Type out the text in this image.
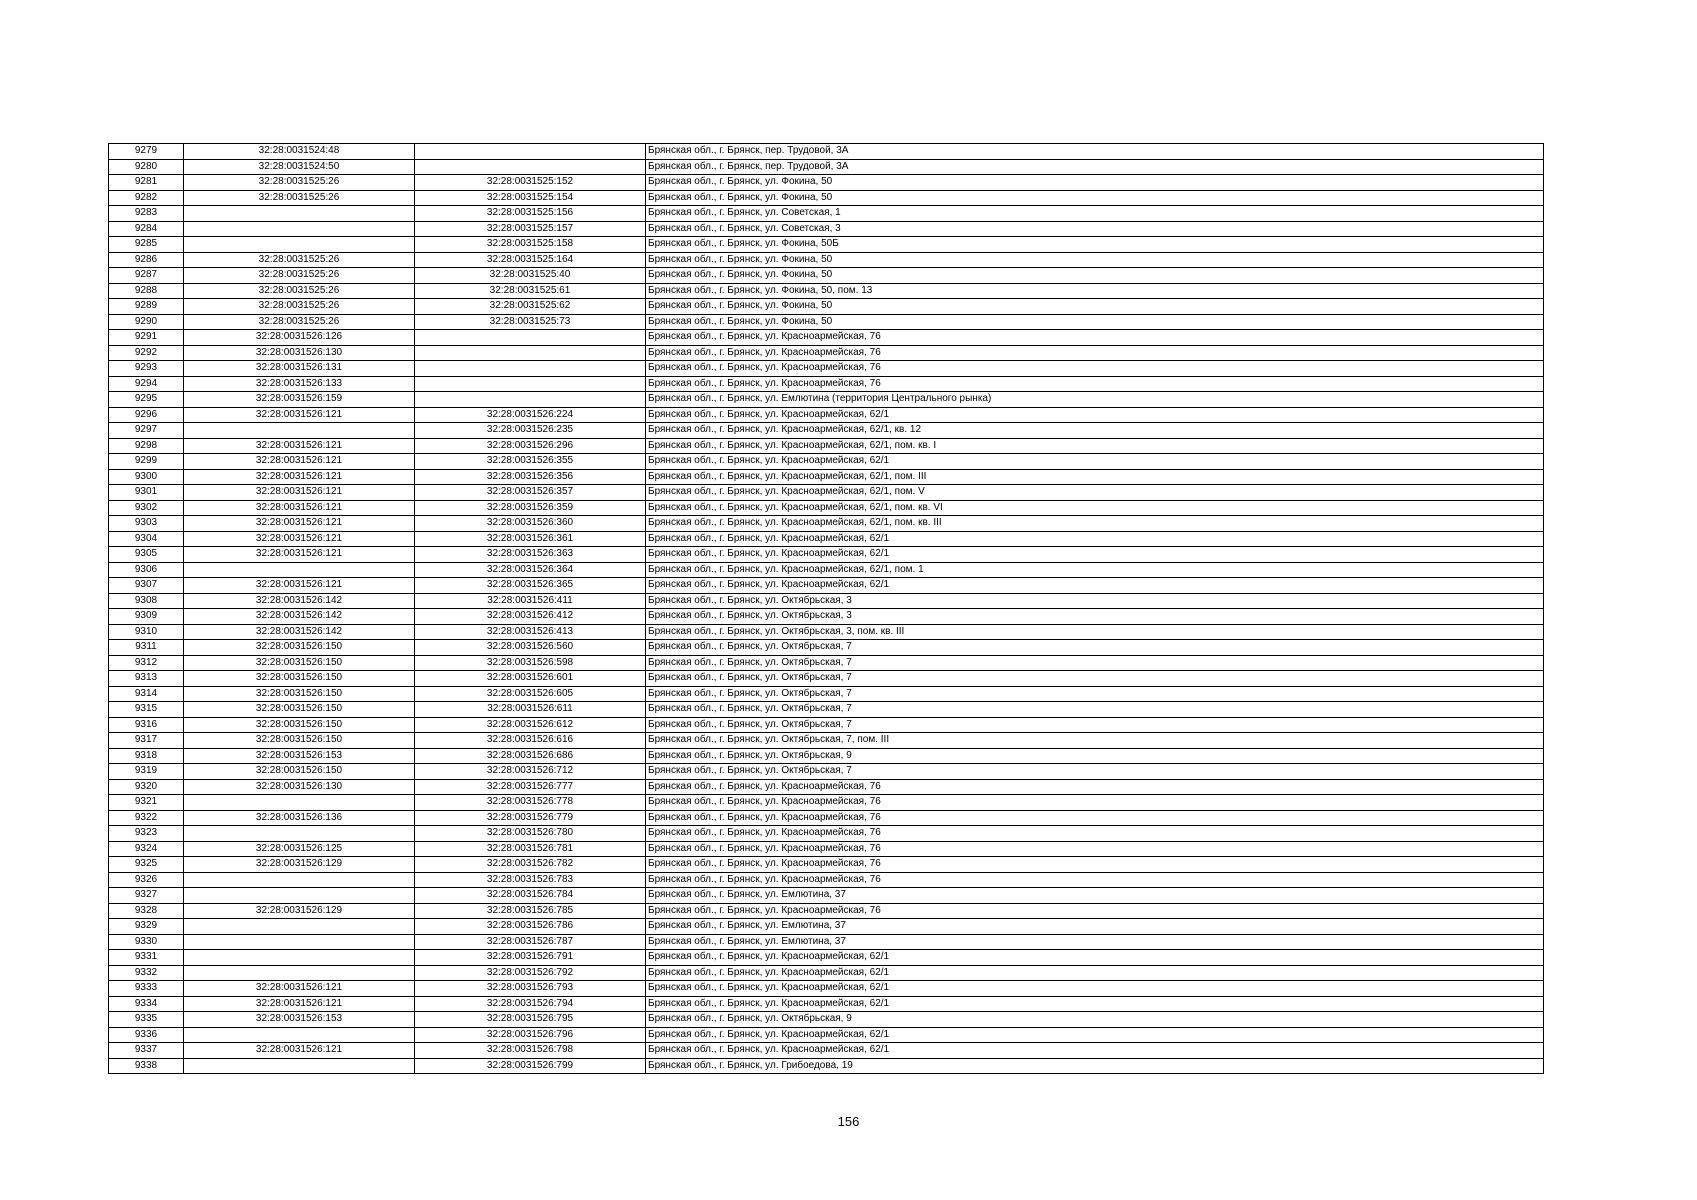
9279	32:28:0031524:48		Брянская обл., г. Брянск, пер. Трудовой, 3А
9280	32:28:0031524:50		Брянская обл., г. Брянск, пер. Трудовой, 3А
9281	32:28:0031525:26	32:28:0031525:152	Брянская обл., г. Брянск, ул. Фокина, 50
9282	32:28:0031525:26	32:28:0031525:154	Брянская обл., г. Брянск, ул. Фокина, 50
9283		32:28:0031525:156	Брянская обл., г. Брянск, ул. Советская, 1
9284		32:28:0031525:157	Брянская обл., г. Брянск, ул. Советская, 3
9285		32:28:0031525:158	Брянская обл., г. Брянск, ул. Фокина, 50Б
9286	32:28:0031525:26	32:28:0031525:164	Брянская обл., г. Брянск, ул. Фокина, 50
9287	32:28:0031525:26	32:28:0031525:40	Брянская обл., г. Брянск, ул. Фокина, 50
9288	32:28:0031525:26	32:28:0031525:61	Брянская обл., г. Брянск, ул. Фокина, 50, пом. 13
9289	32:28:0031525:26	32:28:0031525:62	Брянская обл., г. Брянск, ул. Фокина, 50
9290	32:28:0031525:26	32:28:0031525:73	Брянская обл., г. Брянск, ул. Фокина, 50
9291	32:28:0031526:126		Брянская обл., г. Брянск, ул. Красноармейская, 76
9292	32:28:0031526:130		Брянская обл., г. Брянск, ул. Красноармейская, 76
9293	32:28:0031526:131		Брянская обл., г. Брянск, ул. Красноармейская, 76
9294	32:28:0031526:133		Брянская обл., г. Брянск, ул. Красноармейская, 76
9295	32:28:0031526:159		Брянская обл., г. Брянск, ул. Емлютина (территория Центрального рынка)
9296	32:28:0031526:121	32:28:0031526:224	Брянская обл., г. Брянск, ул. Красноармейская, 62/1
9297		32:28:0031526:235	Брянская обл., г. Брянск, ул. Красноармейская, 62/1, кв. 12
9298	32:28:0031526:121	32:28:0031526:296	Брянская обл., г. Брянск, ул. Красноармейская, 62/1, пом. кв. I
9299	32:28:0031526:121	32:28:0031526:355	Брянская обл., г. Брянск, ул. Красноармейская, 62/1
9300	32:28:0031526:121	32:28:0031526:356	Брянская обл., г. Брянск, ул. Красноармейская, 62/1, пом. III
9301	32:28:0031526:121	32:28:0031526:357	Брянская обл., г. Брянск, ул. Красноармейская, 62/1, пом. V
9302	32:28:0031526:121	32:28:0031526:359	Брянская обл., г. Брянск, ул. Красноармейская, 62/1, пом. кв. VI
9303	32:28:0031526:121	32:28:0031526:360	Брянская обл., г. Брянск, ул. Красноармейская, 62/1, пом. кв. III
9304	32:28:0031526:121	32:28:0031526:361	Брянская обл., г. Брянск, ул. Красноармейская, 62/1
9305	32:28:0031526:121	32:28:0031526:363	Брянская обл., г. Брянск, ул. Красноармейская, 62/1
9306		32:28:0031526:364	Брянская обл., г. Брянск, ул. Красноармейская, 62/1, пом. 1
9307	32:28:0031526:121	32:28:0031526:365	Брянская обл., г. Брянск, ул. Красноармейская, 62/1
9308	32:28:0031526:142	32:28:0031526:411	Брянская обл., г. Брянск, ул. Октябрьская, 3
9309	32:28:0031526:142	32:28:0031526:412	Брянская обл., г. Брянск, ул. Октябрьская, 3
9310	32:28:0031526:142	32:28:0031526:413	Брянская обл., г. Брянск, ул. Октябрьская, 3, пом. кв. III
9311	32:28:0031526:150	32:28:0031526:560	Брянская обл., г. Брянск, ул. Октябрьская, 7
9312	32:28:0031526:150	32:28:0031526:598	Брянская обл., г. Брянск, ул. Октябрьская, 7
9313	32:28:0031526:150	32:28:0031526:601	Брянская обл., г. Брянск, ул. Октябрьская, 7
9314	32:28:0031526:150	32:28:0031526:605	Брянская обл., г. Брянск, ул. Октябрьская, 7
9315	32:28:0031526:150	32:28:0031526:611	Брянская обл., г. Брянск, ул. Октябрьская, 7
9316	32:28:0031526:150	32:28:0031526:612	Брянская обл., г. Брянск, ул. Октябрьская, 7
9317	32:28:0031526:150	32:28:0031526:616	Брянская обл., г. Брянск, ул. Октябрьская, 7, пом. III
9318	32:28:0031526:153	32:28:0031526:686	Брянская обл., г. Брянск, ул. Октябрьская, 9
9319	32:28:0031526:150	32:28:0031526:712	Брянская обл., г. Брянск, ул. Октябрьская, 7
9320	32:28:0031526:130	32:28:0031526:777	Брянская обл., г. Брянск, ул. Красноармейская, 76
9321		32:28:0031526:778	Брянская обл., г. Брянск, ул. Красноармейская, 76
9322	32:28:0031526:136	32:28:0031526:779	Брянская обл., г. Брянск, ул. Красноармейская, 76
9323		32:28:0031526:780	Брянская обл., г. Брянск, ул. Красноармейская, 76
9324	32:28:0031526:125	32:28:0031526:781	Брянская обл., г. Брянск, ул. Красноармейская, 76
9325	32:28:0031526:129	32:28:0031526:782	Брянская обл., г. Брянск, ул. Красноармейская, 76
9326		32:28:0031526:783	Брянская обл., г. Брянск, ул. Красноармейская, 76
9327		32:28:0031526:784	Брянская обл., г. Брянск, ул. Емлютина, 37
9328	32:28:0031526:129	32:28:0031526:785	Брянская обл., г. Брянск, ул. Красноармейская, 76
9329		32:28:0031526:786	Брянская обл., г. Брянск, ул. Емлютина, 37
9330		32:28:0031526:787	Брянская обл., г. Брянск, ул. Емлютина, 37
9331		32:28:0031526:791	Брянская обл., г. Брянск, ул. Красноармейская, 62/1
9332		32:28:0031526:792	Брянская обл., г. Брянск, ул. Красноармейская, 62/1
9333	32:28:0031526:121	32:28:0031526:793	Брянская обл., г. Брянск, ул. Красноармейская, 62/1
9334	32:28:0031526:121	32:28:0031526:794	Брянская обл., г. Брянск, ул. Красноармейская, 62/1
9335	32:28:0031526:153	32:28:0031526:795	Брянская обл., г. Брянск, ул. Октябрьская, 9
9336		32:28:0031526:796	Брянская обл., г. Брянск, ул. Красноармейская, 62/1
9337	32:28:0031526:121	32:28:0031526:798	Брянская обл., г. Брянск, ул. Красноармейская, 62/1
9338		32:28:0031526:799	Брянская обл., г. Брянск, ул. Грибоедова, 19
156
